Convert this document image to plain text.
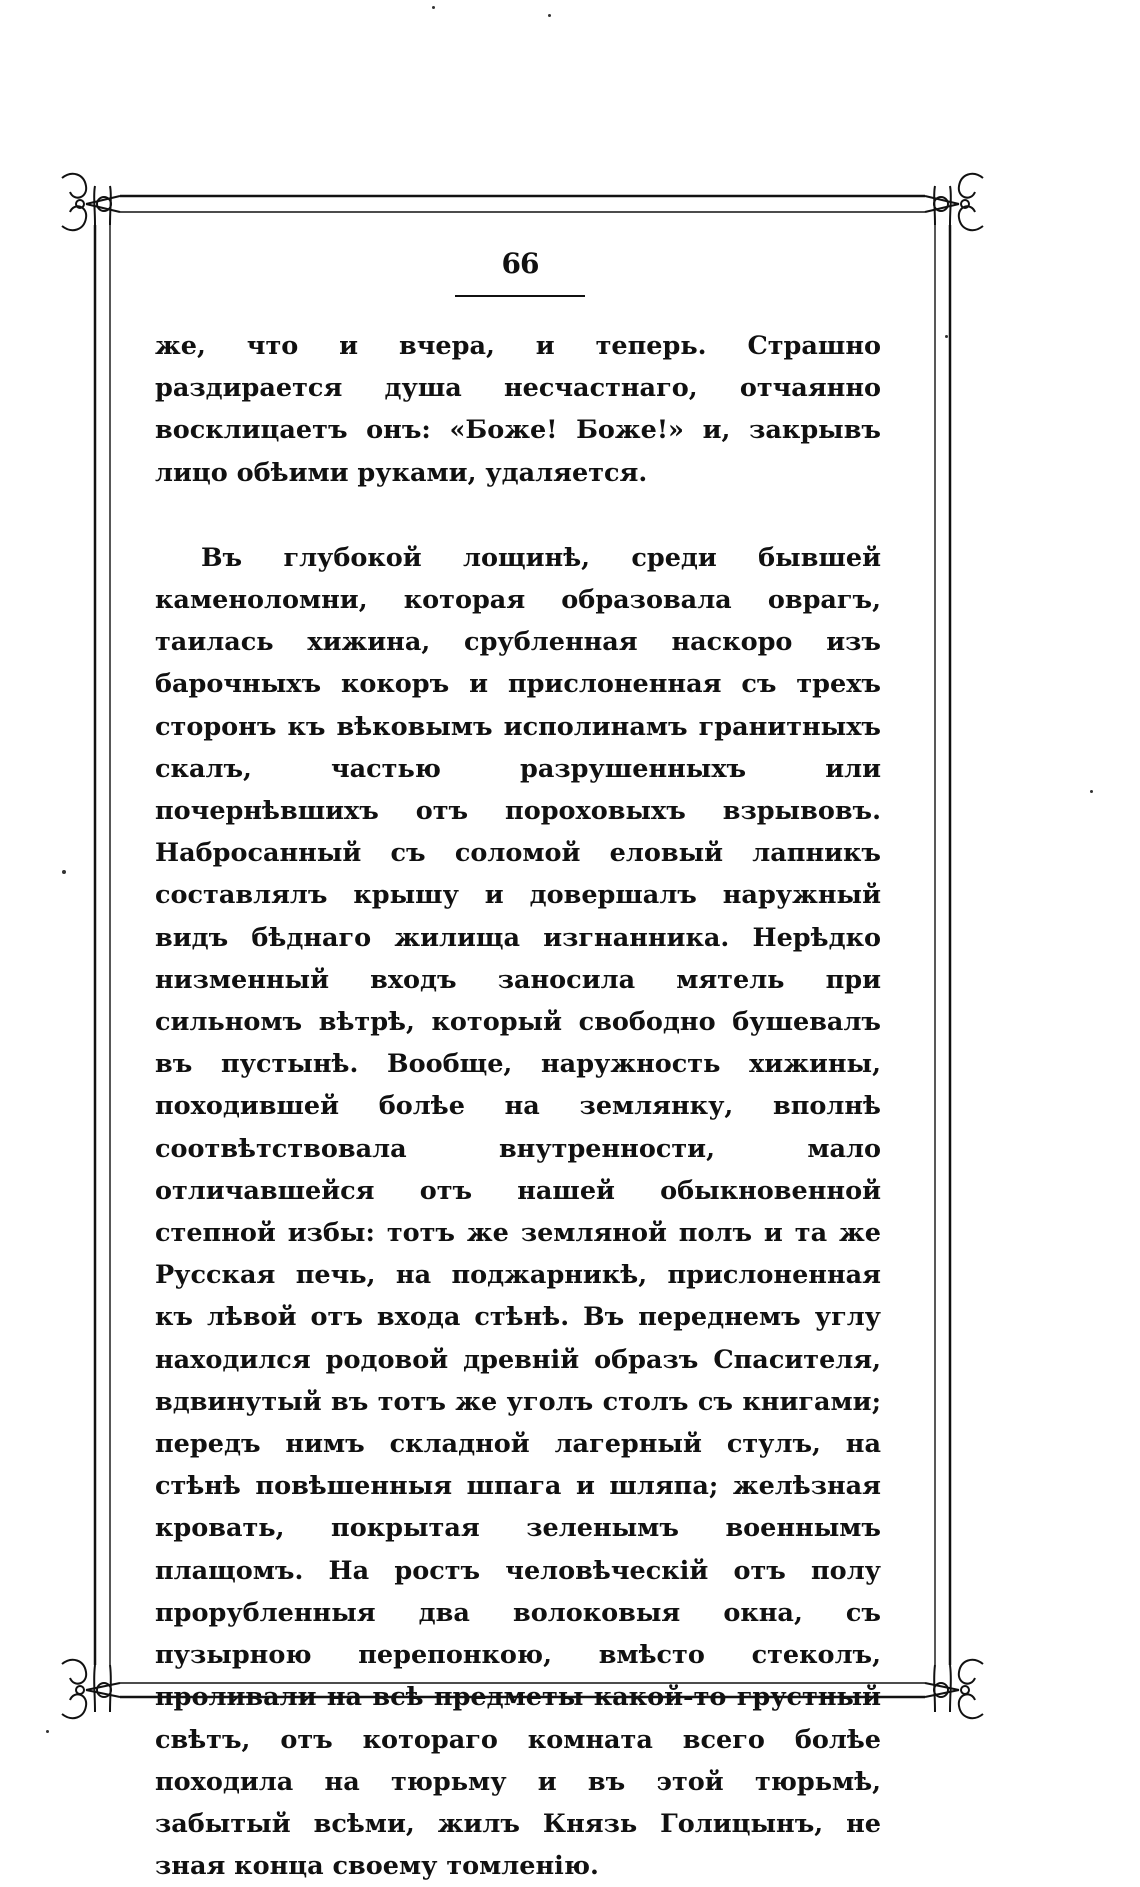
66

же, что и вчера, и теперь. Страшно раздирается душа несчастнаго, отчаянно восклицаетъ онъ: «Боже! Боже!» и, закрывъ лицо обѣими руками, удаляется.

Въ глубокой лощинѣ, среди бывшей каменоломни, которая образовала оврагъ, таилась хижина, срубленная наскоро изъ барочныхъ кокоръ и прислоненная съ трехъ сторонъ къ вѣковымъ исполинамъ гранитныхъ скалъ, частью разрушенныхъ или почернѣвшихъ отъ пороховыхъ взрывовъ. Набросанный съ соломой еловый лапникъ составлялъ крышу и довершалъ наружный видъ бѣднаго жилища изгнанника. Нерѣдко низменный входъ заносила мятель при сильномъ вѣтрѣ, который свободно бушевалъ въ пустынѣ. Вообще, наружность хижины, походившей болѣе на землянку, вполнѣ соотвѣтствовала внутренности, мало отличавшейся отъ нашей обыкновенной степной избы: тотъ же земляной полъ и та же Русская печь, на поджарникѣ, прислоненная къ лѣвой отъ входа стѣнѣ. Въ переднемъ углу находился родовой древній образъ Спасителя, вдвинутый въ тотъ же уголъ столъ съ книгами; передъ нимъ складной лагерный стулъ, на стѣнѣ повѣшенныя шпага и шляпа; желѣзная кровать, покрытая зеленымъ военнымъ плащомъ. На ростъ человѣческій отъ полу прорубленныя два волоковыя окна, съ пузырною перепонкою, вмѣсто стеколъ, проливали на всѣ предметы какой-то грустный свѣтъ, отъ котораго комната всего болѣе походила на тюрьму и въ этой тюрьмѣ, забытый всѣми, жилъ Князь Голицынъ, не зная конца своему томленію.
